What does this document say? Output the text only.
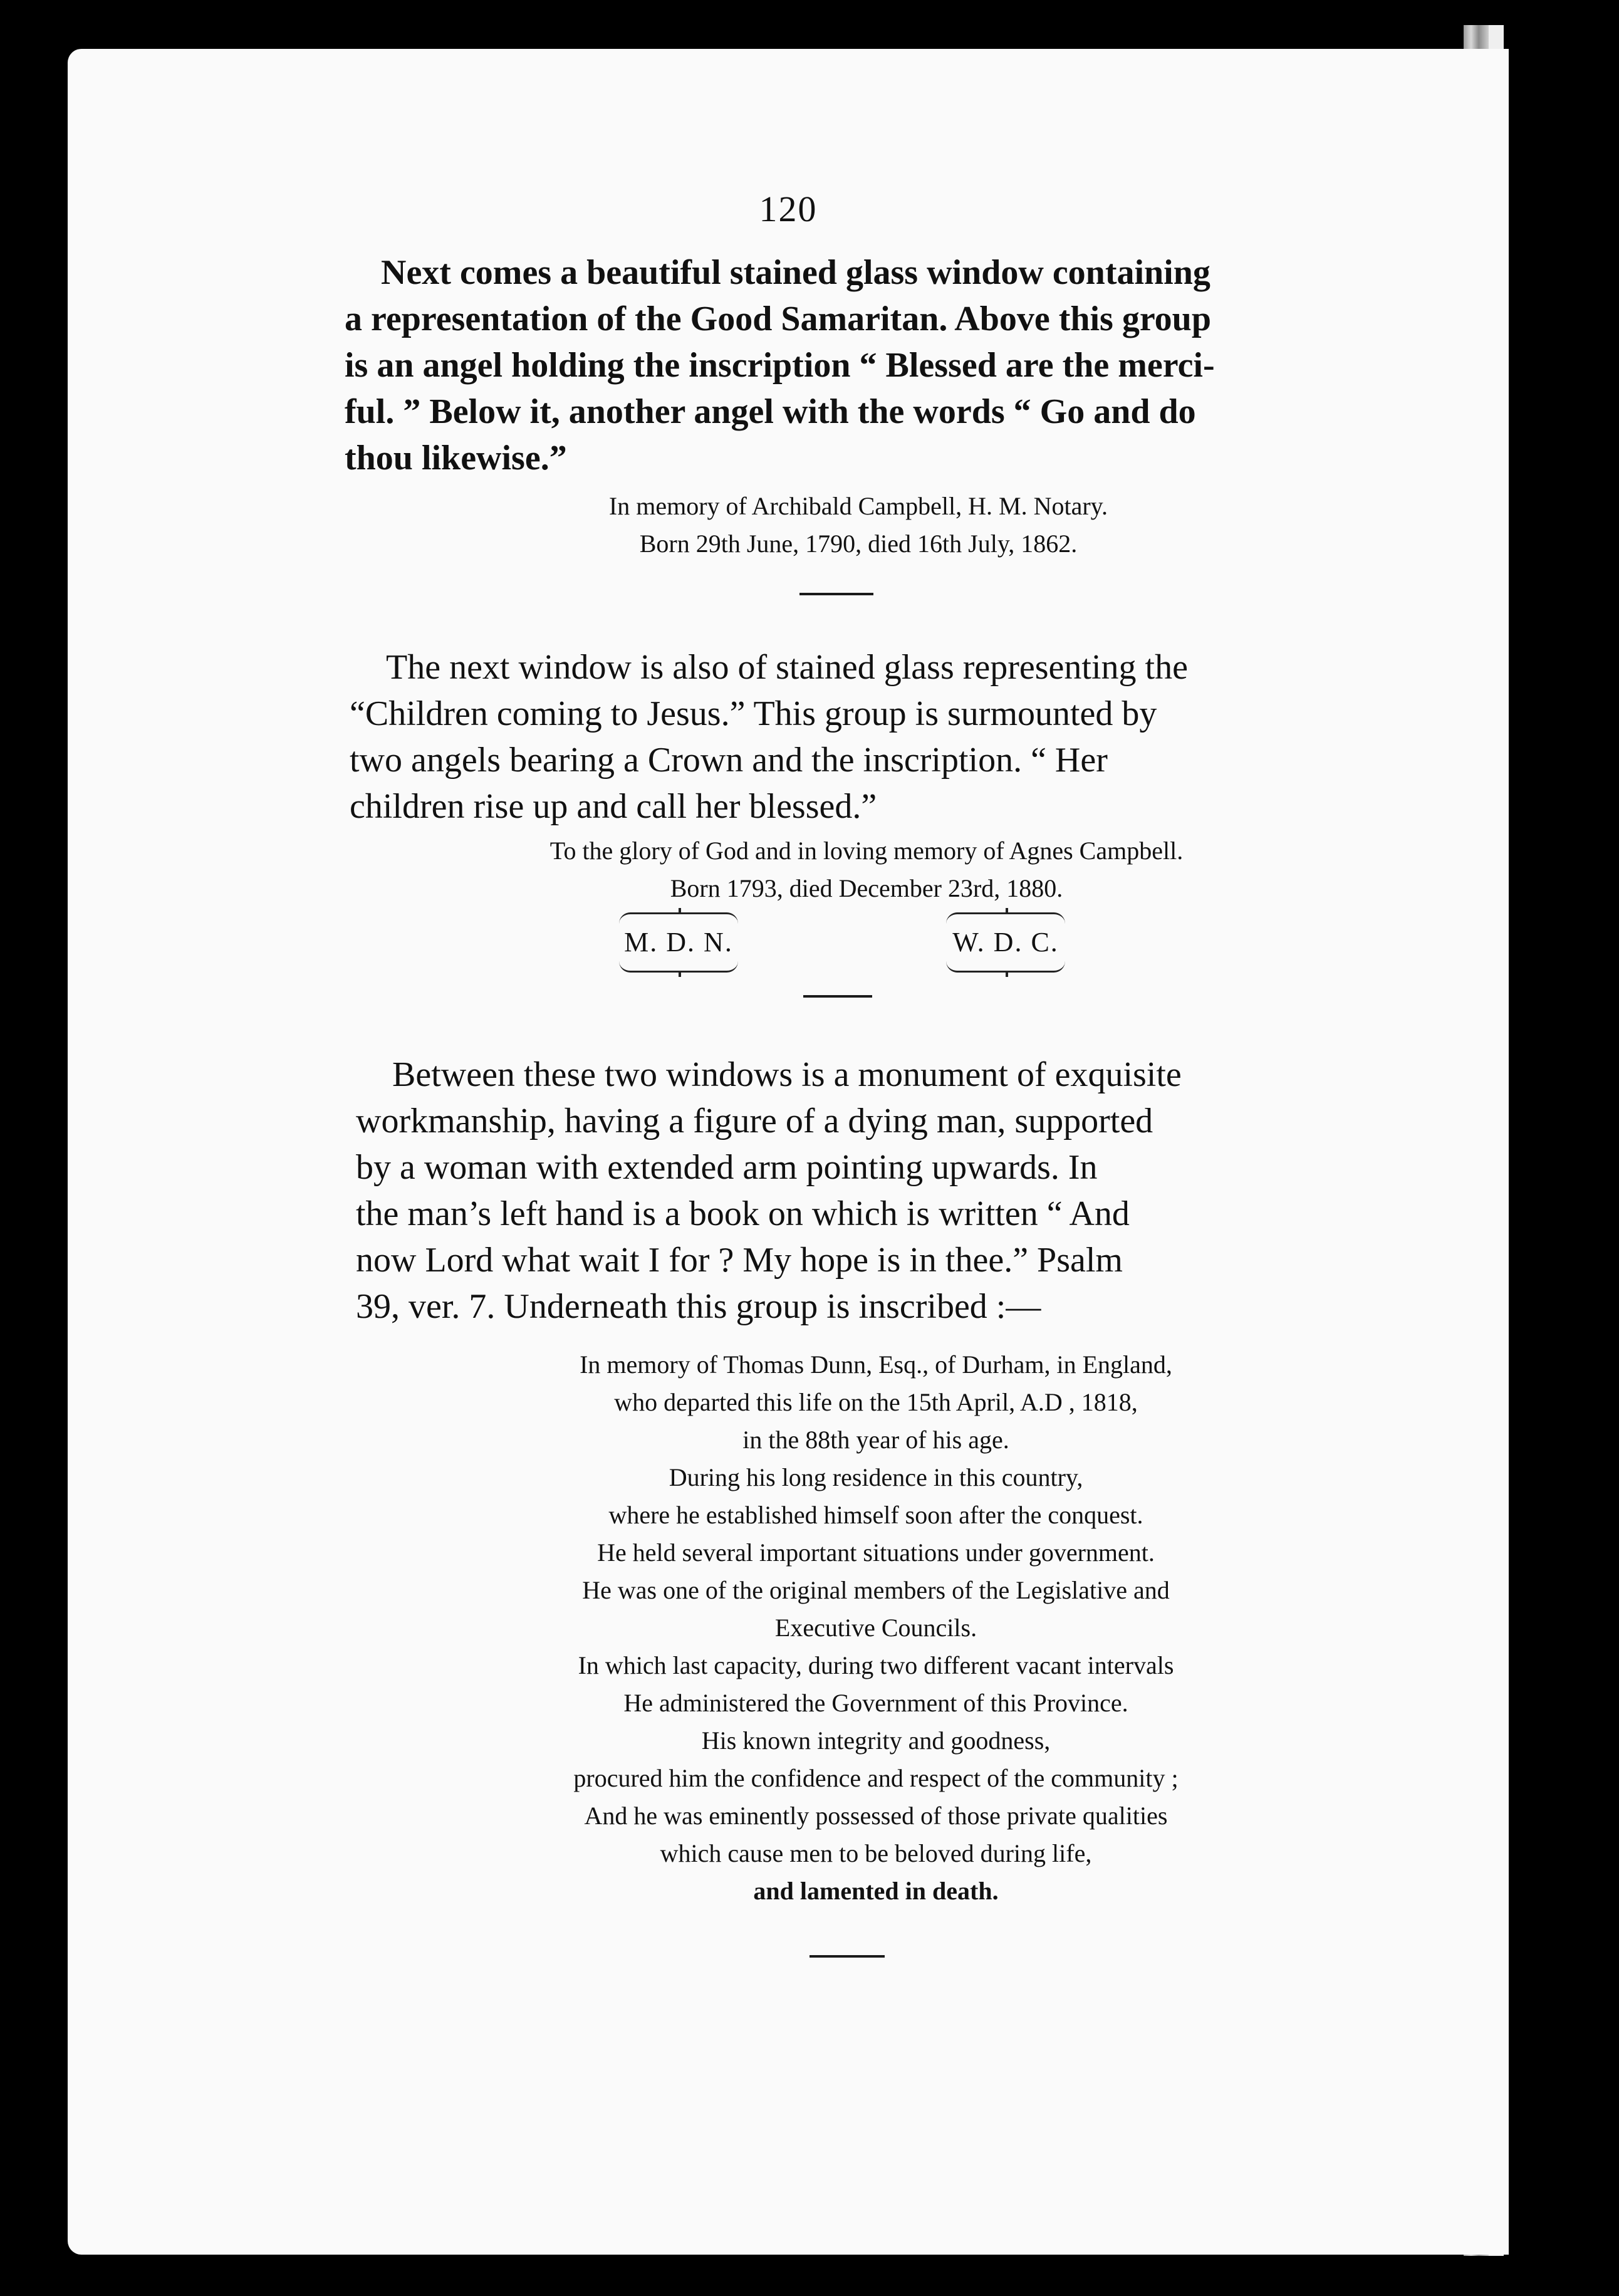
120
Next comes a beautiful stained glass window containing
a representation of the Good Samaritan. Above this group
is an angel holding the inscription “ Blessed are the merci-
ful. ” Below it, another angel with the words “ Go and do
thou likewise.”
In memory of Archibald Campbell, H. M. Notary.
Born 29th June, 1790, died 16th July, 1862.
The next window is also of stained glass representing the
“Children coming to Jesus.” This group is surmounted by
two angels bearing a Crown and the inscription. “ Her
children rise up and call her blessed.”
To the glory of God and in loving memory of Agnes Campbell.
Born 1793, died December 23rd, 1880.
M. D. N.	W. D. C.
Between these two windows is a monument of exquisite
workmanship, having a figure of a dying man, supported
by a woman with extended arm pointing upwards. In
the man’s left hand is a book on which is written “ And
now Lord what wait I for ? My hope is in thee.” Psalm
39, ver. 7. Underneath this group is inscribed :—
In memory of Thomas Dunn, Esq., of Durham, in England,
who departed this life on the 15th April, A.D , 1818,
in the 88th year of his age.
During his long residence in this country,
where he established himself soon after the conquest.
He held several important situations under government.
He was one of the original members of the Legislative and
Executive Councils.
In which last capacity, during two different vacant intervals
He administered the Government of this Province.
His known integrity and goodness,
procured him the confidence and respect of the community ;
And he was eminently possessed of those private qualities
which cause men to be beloved during life,
and lamented in death.
